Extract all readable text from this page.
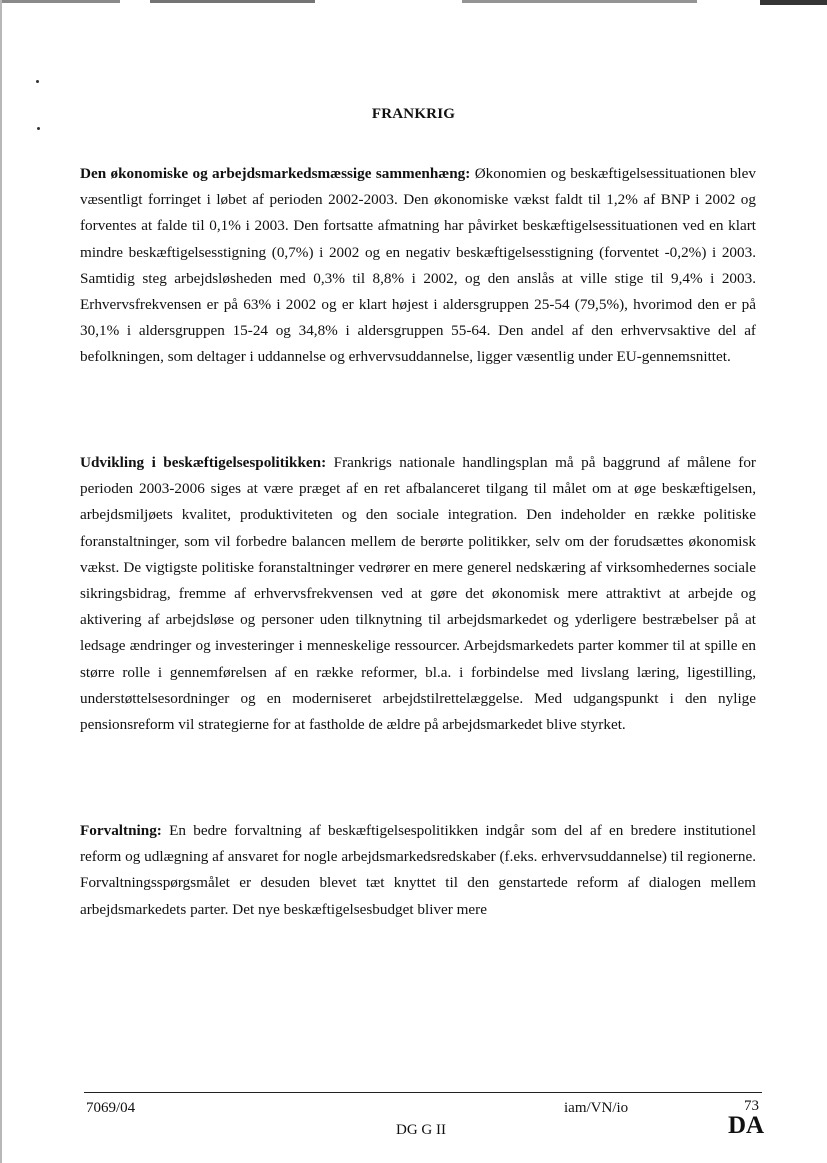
FRANKRIG

Den økonomiske og arbejdsmarkedsmæssige sammenhæng: Økonomien og beskæftigelsessituationen blev væsentligt forringet i løbet af perioden 2002-2003. Den økonomiske vækst faldt til 1,2% af BNP i 2002 og forventes at falde til 0,1% i 2003. Den fortsatte afmatning har påvirket beskæftigelsessituationen ved en klart mindre beskæftigelsesstigning (0,7%) i 2002 og en negativ beskæftigelsesstigning (forventet -0,2%) i 2003. Samtidig steg arbejdsløsheden med 0,3% til 8,8% i 2002, og den anslås at ville stige til 9,4% i 2003. Erhvervsfrekvensen er på 63% i 2002 og er klart højest i aldersgruppen 25-54 (79,5%), hvorimod den er på 30,1% i aldersgruppen 15-24 og 34,8% i aldersgruppen 55-64. Den andel af den erhvervsaktive del af befolkningen, som deltager i uddannelse og erhvervsuddannelse, ligger væsentlig under EU-gennemsnittet.

Udvikling i beskæftigelsespolitikken: Frankrigs nationale handlingsplan må på baggrund af målene for perioden 2003-2006 siges at være præget af en ret afbalanceret tilgang til målet om at øge beskæftigelsen, arbejdsmiljøets kvalitet, produktiviteten og den sociale integration. Den indeholder en række politiske foranstaltninger, som vil forbedre balancen mellem de berørte politikker, selv om der forudsættes økonomisk vækst. De vigtigste politiske foranstaltninger vedrører en mere generel nedskæring af virksomhedernes sociale sikringsbidrag, fremme af erhvervsfrekvensen ved at gøre det økonomisk mere attraktivt at arbejde og aktivering af arbejdsløse og personer uden tilknytning til arbejdsmarkedet og yderligere bestræbelser på at ledsage ændringer og investeringer i menneskelige ressourcer. Arbejdsmarkedets parter kommer til at spille en større rolle i gennemførelsen af en række reformer, bl.a. i forbindelse med livslang læring, ligestilling, understøttelsesordninger og en moderniseret arbejdstilrettelæggelse. Med udgangspunkt i den nylige pensionsreform vil strategierne for at fastholde de ældre på arbejdsmarkedet blive styrket.

Forvaltning: En bedre forvaltning af beskæftigelsespolitikken indgår som del af en bredere institutionel reform og udlægning af ansvaret for nogle arbejdsmarkedsredskaber (f.eks. erhvervsuddannelse) til regionerne. Forvaltningsspørgsmålet er desuden blevet tæt knyttet til den genstartede reform af dialogen mellem arbejdsmarkedets parter. Det nye beskæftigelsesbudget bliver mere

7069/04	iam/VN/io	73
DG G II	DA
